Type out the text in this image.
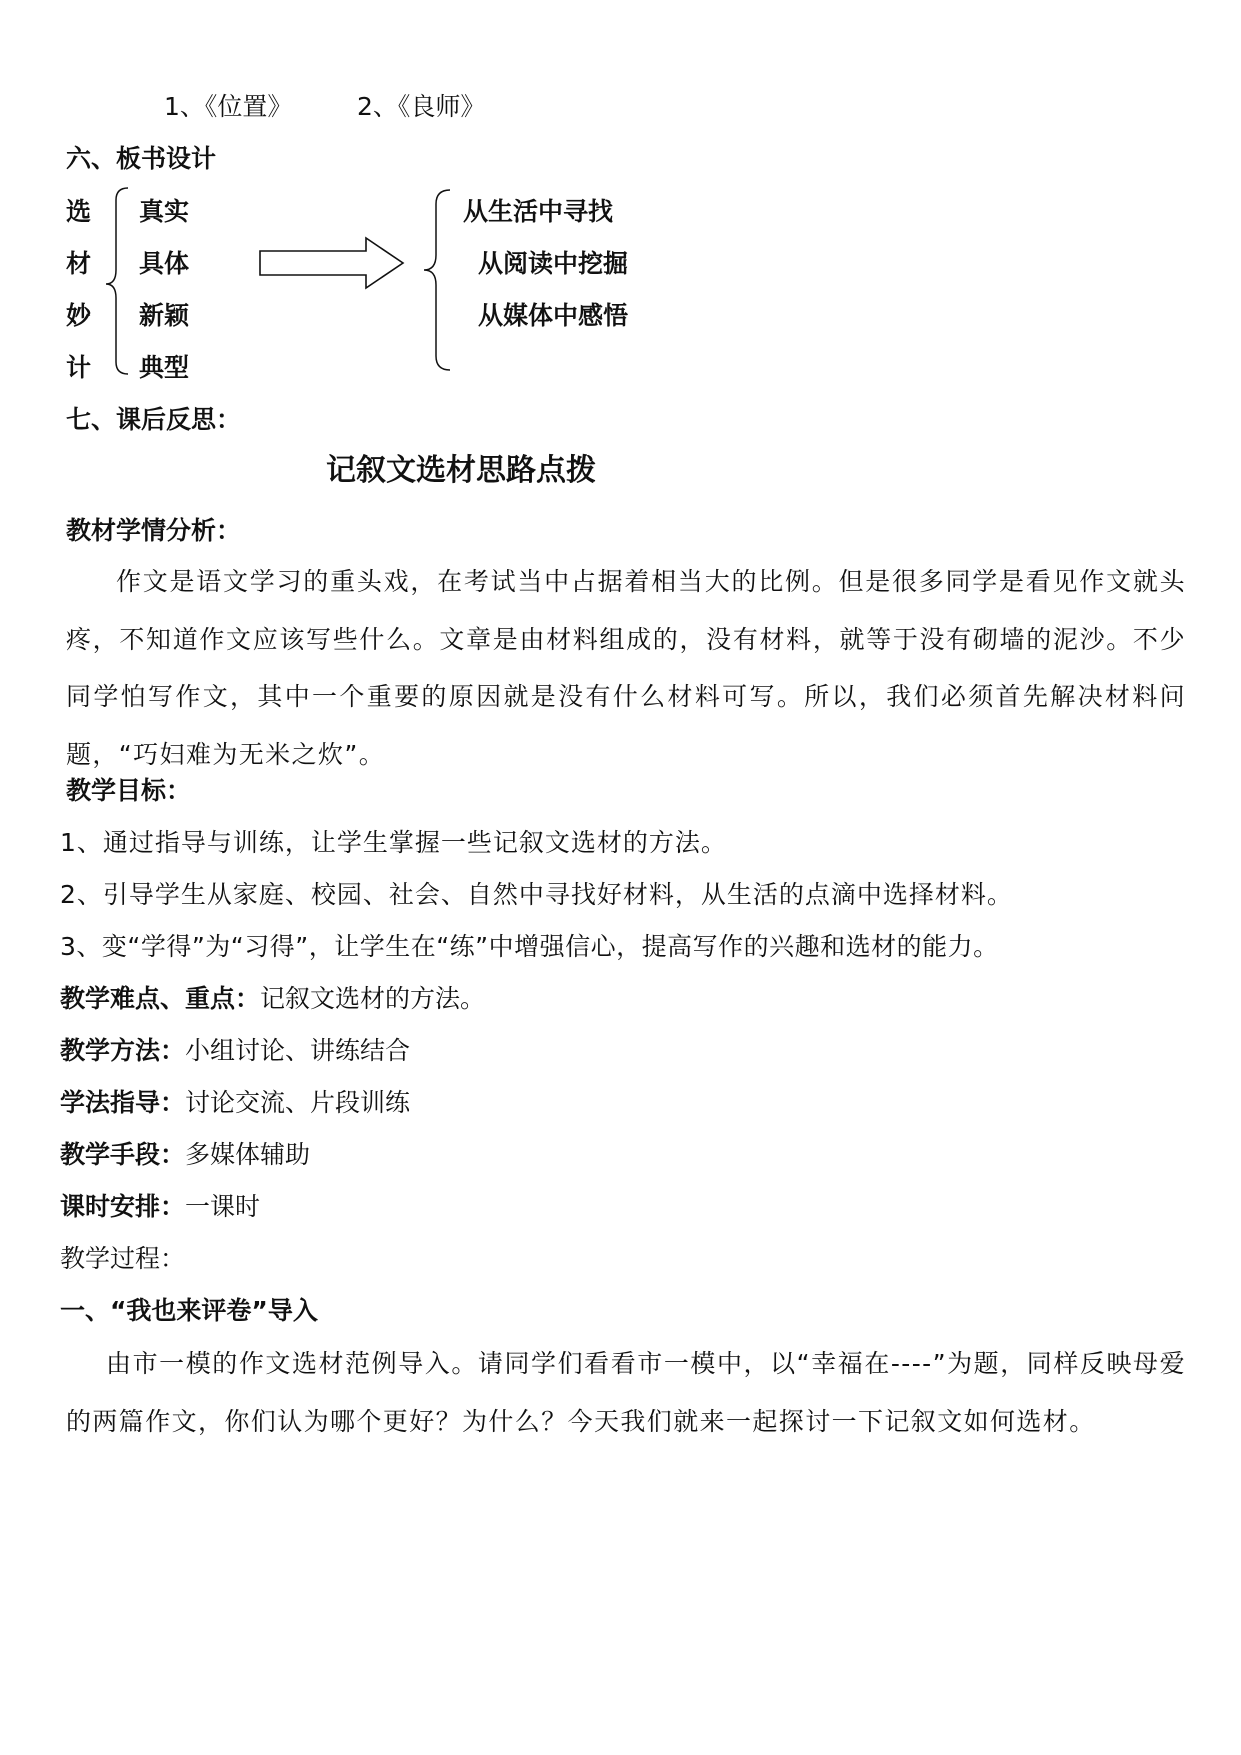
1、《位置》	2、《良师》
六、板书设计
选
材
妙
计
真实
具体
新颖
典型
从生活中寻找
从阅读中挖掘
从媒体中感悟
七、课后反思：
记叙文选材思路点拨
教材学情分析：

作文是语文学习的重头戏，在考试当中占据着相当大的比例。但是很多同学是看见作文就头疼，不知道作文应该写些什么。文章是由材料组成的，没有材料，就等于没有砌墙的泥沙。不少同学怕写作文，其中一个重要的原因就是没有什么材料可写。所以，我们必须首先解决材料问题，“巧妇难为无米之炊”。

教学目标：
1、通过指导与训练，让学生掌握一些记叙文选材的方法。
2、引导学生从家庭、校园、社会、自然中寻找好材料，从生活的点滴中选择材料。
3、变“学得”为“习得”，让学生在“练”中增强信心，提高写作的兴趣和选材的能力。
教学难点、重点：记叙文选材的方法。
教学方法：小组讨论、讲练结合
学法指导：讨论交流、片段训练
教学手段：多媒体辅助
课时安排：一课时
教学过程：
一、“我也来评卷”导入

由市一模的作文选材范例导入。请同学们看看市一模中，以“幸福在----”为题，同样反映母爱的两篇作文，你们认为哪个更好？为什么？今天我们就来一起探讨一下记叙文如何选材。
